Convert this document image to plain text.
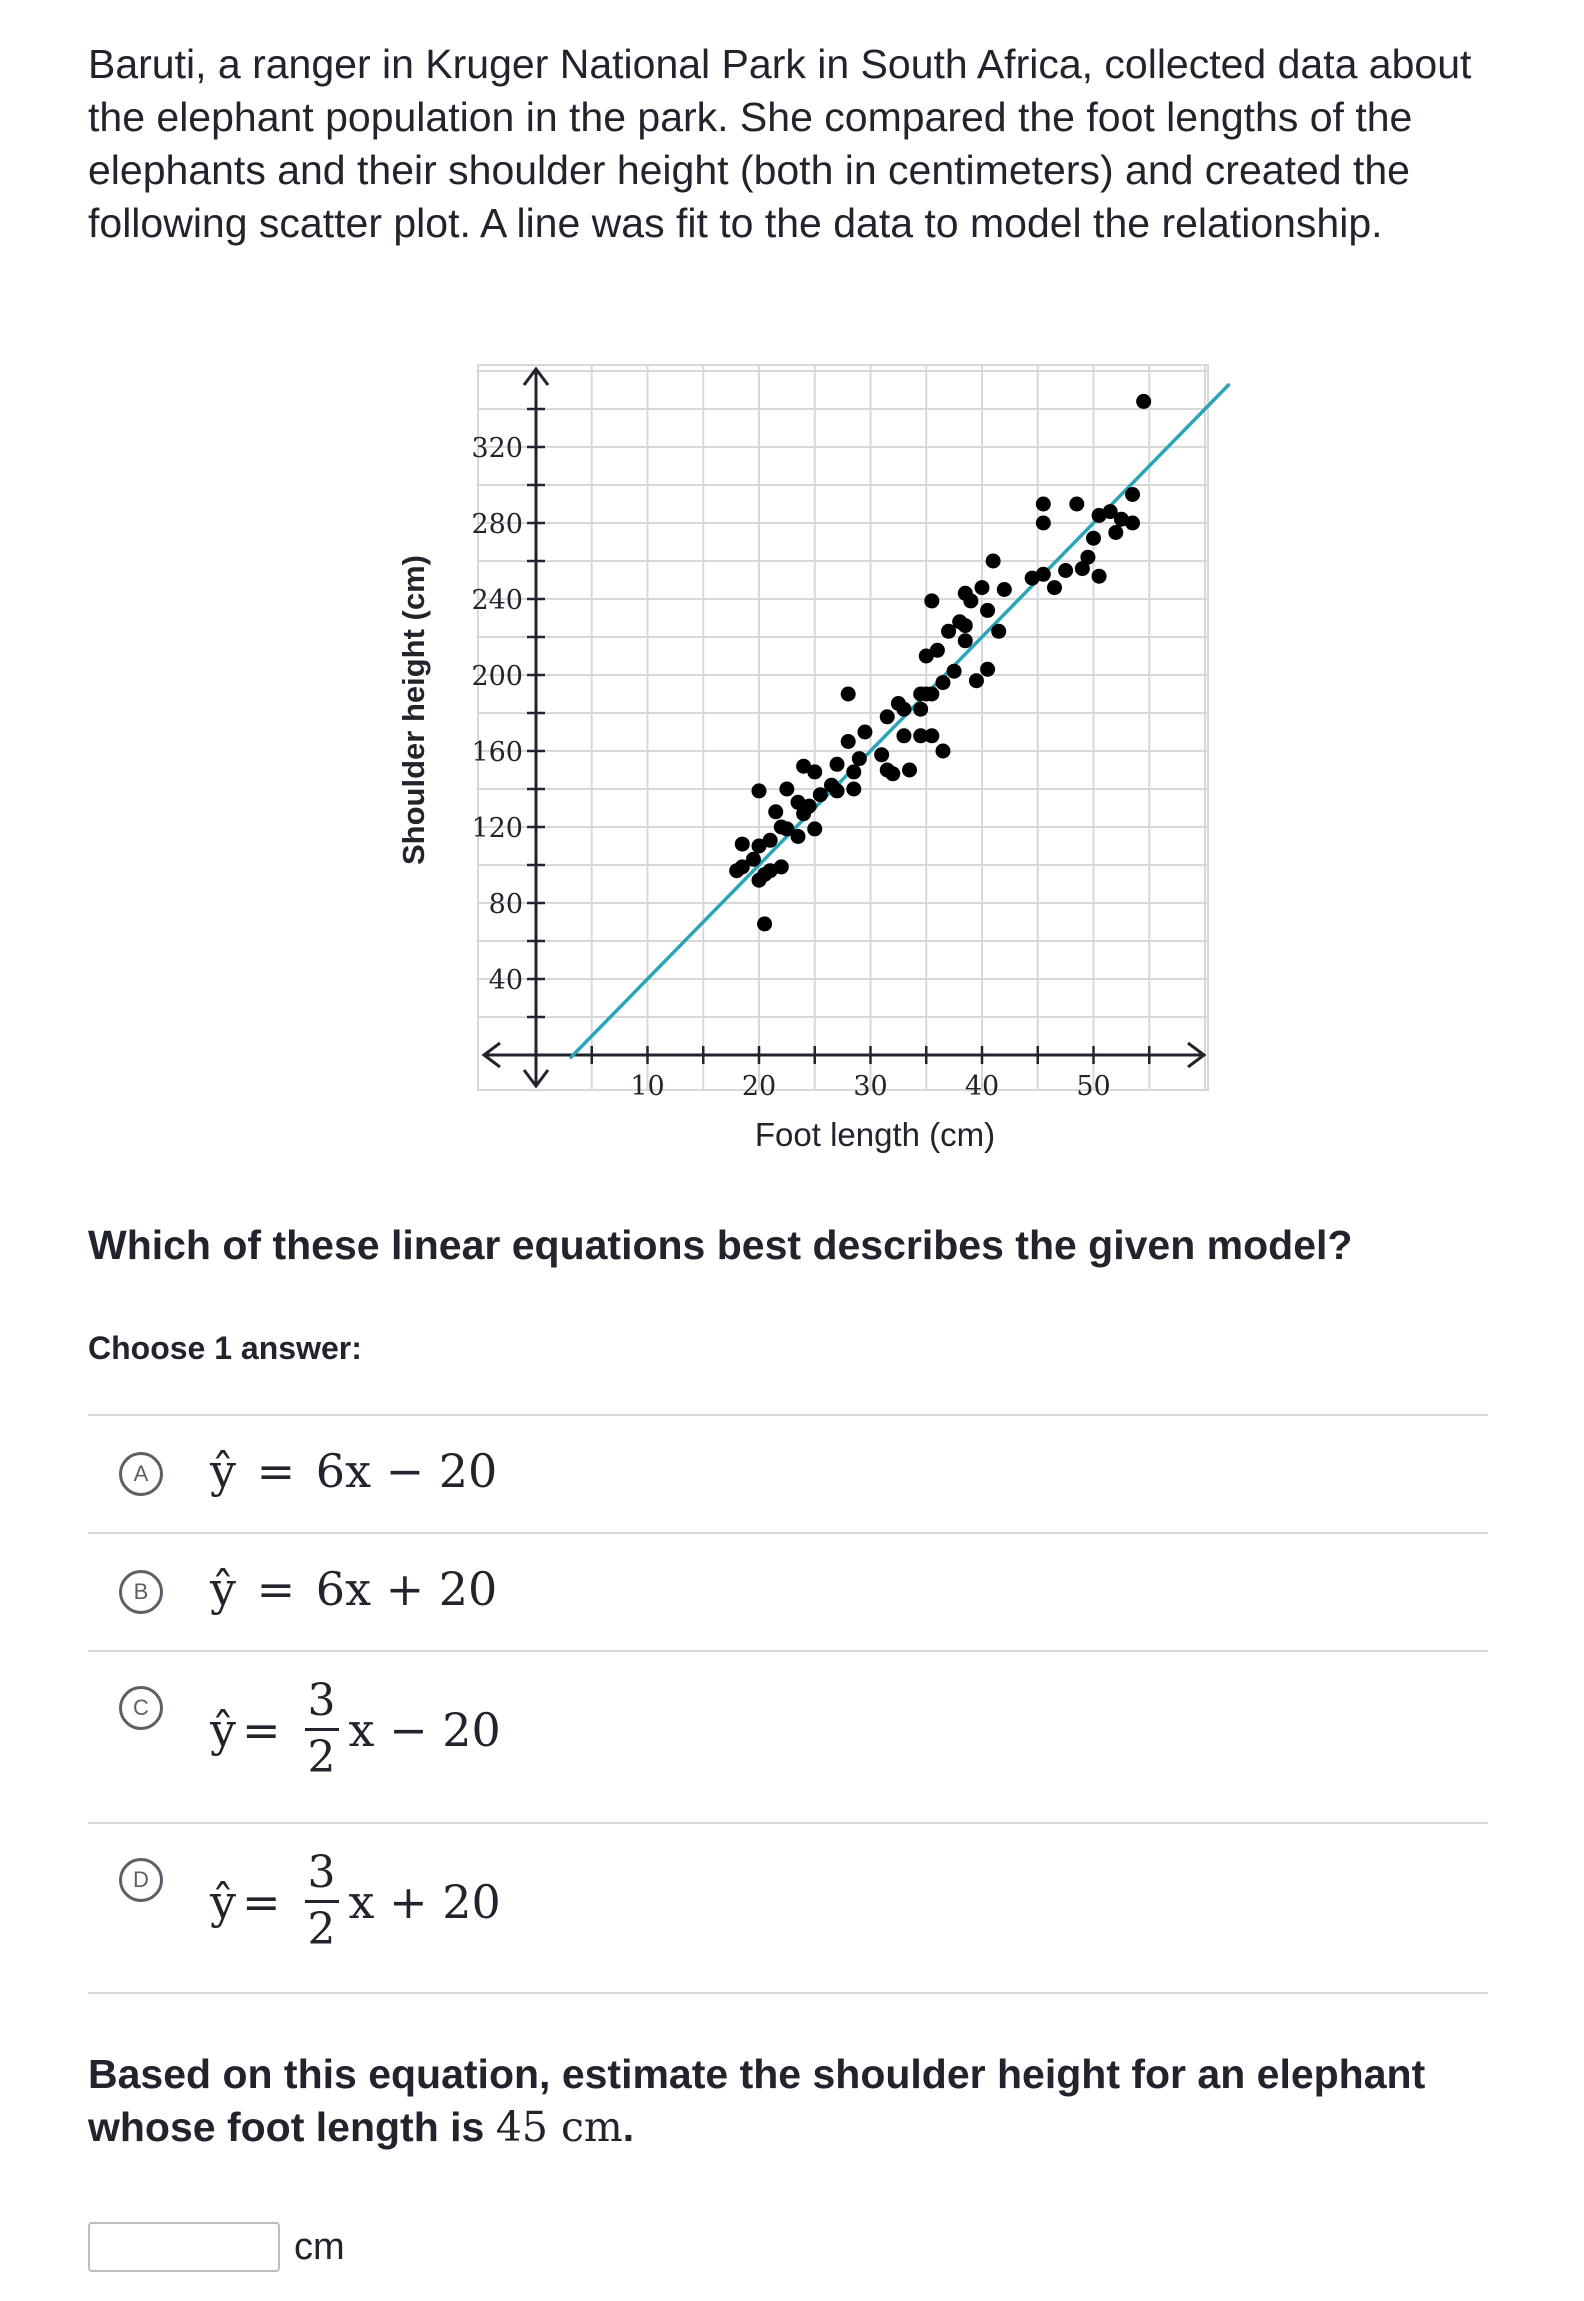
Baruti, a ranger in Kruger National Park in South Africa, collected data about the elephant population in the park. She compared the foot lengths of the elephants and their shoulder height (both in centimeters) and created the following scatter plot. A line was fit to the data to model the relationship.

10	20	30	40	50
40
80
120
160
200
240
280
320
Foot length (cm)
Shoulder height (cm)

Which of these linear equations best describes the given model?

Choose 1 answer:
A	ŷ = 6x − 20
B	ŷ = 6x + 20
C	ŷ = $\frac{3}{2}$ x − 20
D	ŷ = $\frac{3}{2}$ x + 20

Based on this equation, estimate the shoulder height for an elephant whose foot length is 45 cm.

cm
